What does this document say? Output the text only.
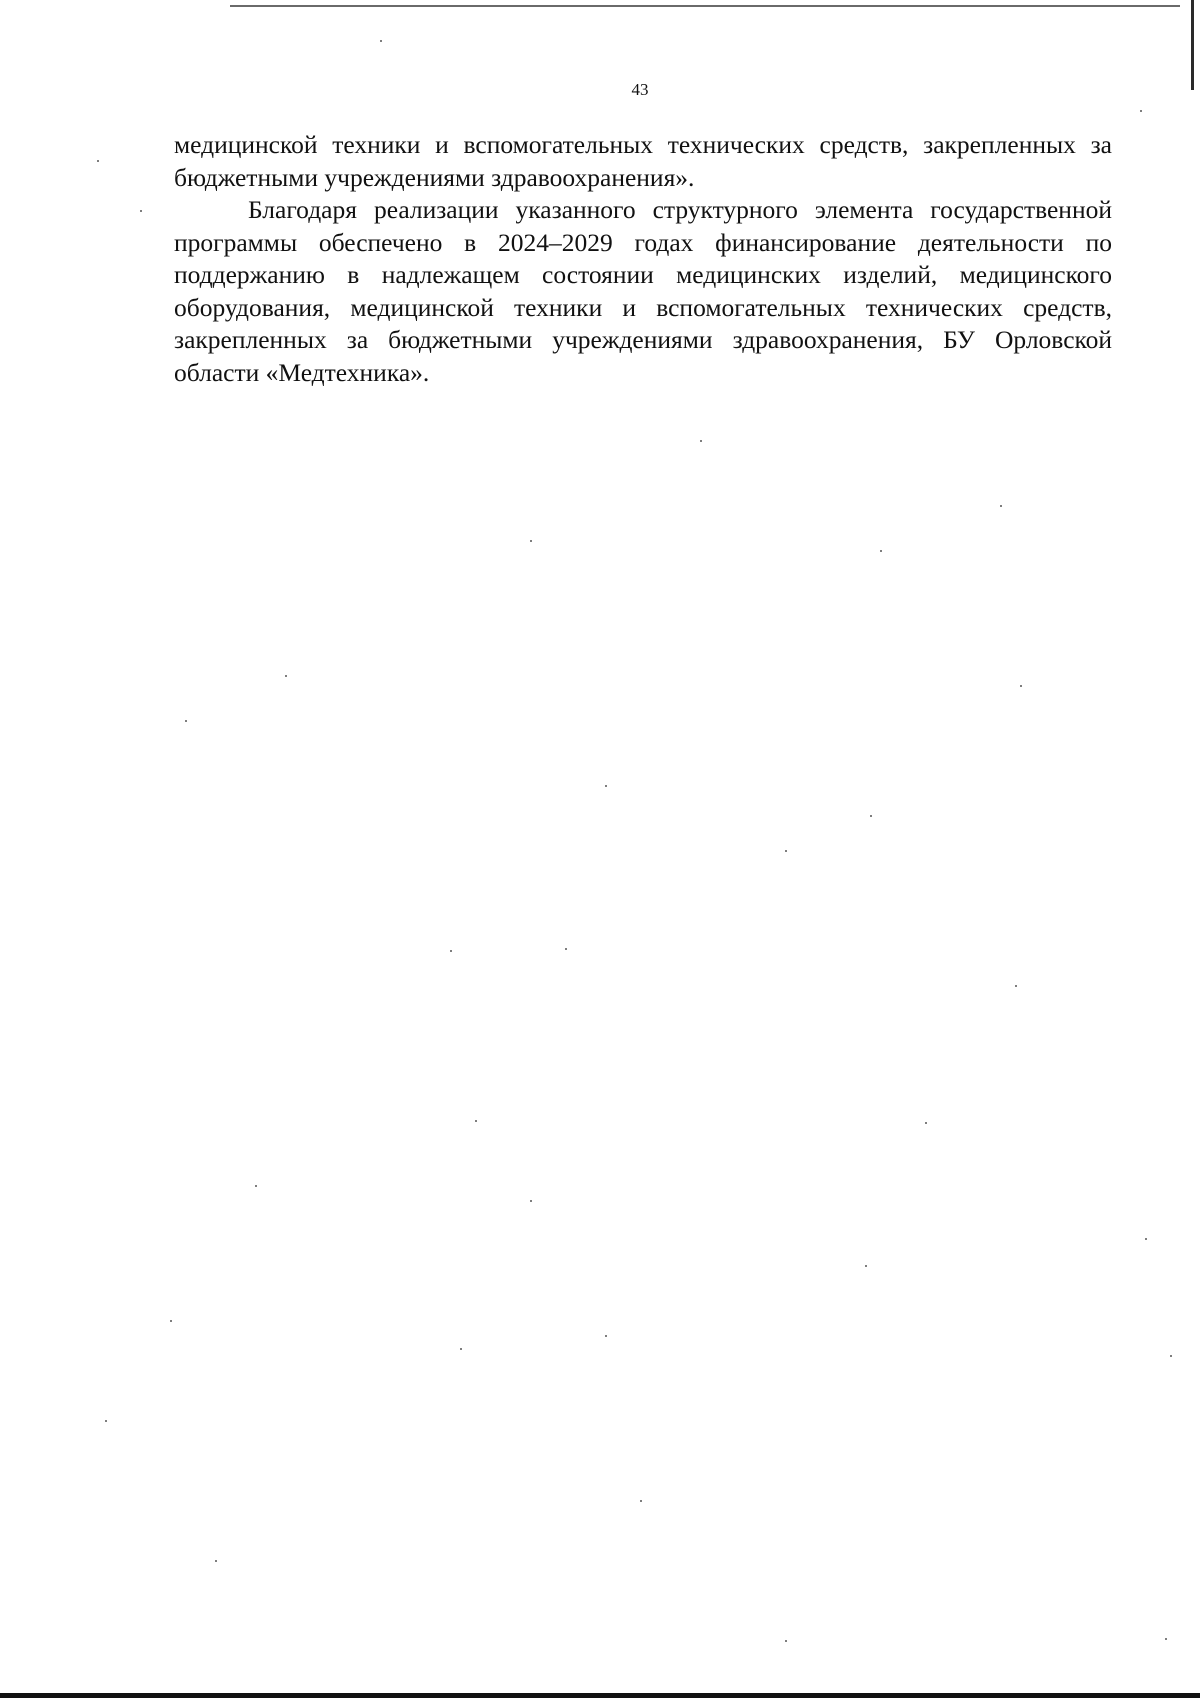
43

медицинской техники и вспомогательных технических средств, закрепленных за бюджетными учреждениями здравоохранения».

Благодаря реализации указанного структурного элемента государственной программы обеспечено в 2024–2029 годах финансирование деятельности по поддержанию в надлежащем состоянии медицинских изделий, медицинского оборудования, медицинской техники и вспомогательных технических средств, закрепленных за бюджетными учреждениями здравоохранения, БУ Орловской области «Медтехника».
